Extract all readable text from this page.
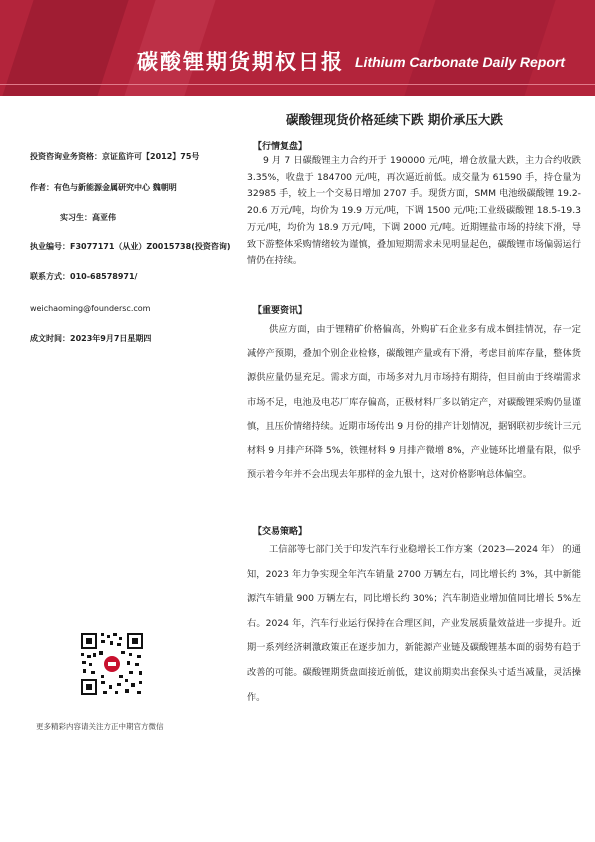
碳酸锂期货期权日报 Lithium Carbonate Daily Report
碳酸锂现货价格延续下跌 期价承压大跌
投资咨询业务资格：京证监许可【2012】75号
作者：有色与新能源金属研究中心 魏朝明
实习生：高亚伟
执业编号：F3077171（从业）Z0015738(投资咨询)
联系方式：010-68578971/
weichaoming@foundersc.com
成文时间：2023年9月7日星期四
更多精彩内容请关注方正中期官方微信
【行情复盘】
9 月 7 日碳酸锂主力合约开于 190000 元/吨，增仓放量大跌，主力合约收跌 3.35%，收盘于 184700 元/吨，再次逼近前低。成交量为 61590 手，持仓量为 32985 手，较上一个交易日增加 2707 手。现货方面，SMM 电池级碳酸锂 19.2-20.6 万元/吨，均价为 19.9 万元/吨，下调 1500 元/吨;工业级碳酸锂 18.5-19.3 万元/吨，均价为 18.9 万元/吨，下调 2000 元/吨。近期锂盐市场的持续下滑，导致下游整体采购情绪较为谨慎，叠加短期需求未见明显起色，碳酸锂市场偏弱运行情仍在持续。
【重要资讯】
供应方面，由于锂精矿价格偏高，外购矿石企业多有成本倒挂情况，存一定减停产预期，叠加个别企业检修，碳酸锂产量或有下滑，考虑目前库存量，整体货源供应量仍显充足。需求方面，市场多对九月市场持有期待，但目前由于终端需求市场不足，电池及电芯厂库存偏高，正极材料厂多以销定产，对碳酸锂采购仍显谨慎，且压价情绪持续。近期市场传出 9 月份的排产计划情况，据钢联初步统计三元材料 9 月排产环降 5%，铁锂材料 9 月排产微增 8%，产业链环比增量有限，似乎预示着今年并不会出现去年那样的金九银十，这对价格影响总体偏空。
【交易策略】
工信部等七部门关于印发汽车行业稳增长工作方案（2023—2024 年） 的通知，2023 年力争实现全年汽车销量 2700 万辆左右，同比增长约 3%，其中新能源汽车销量 900 万辆左右，同比增长约 30%；汽车制造业增加值同比增长 5%左右。2024 年，汽车行业运行保持在合理区间，产业发展质量效益进一步提升。近期一系列经济刺激政策正在逐步加力，新能源产业链及碳酸锂基本面的弱势有趋于改善的可能。碳酸锂期货盘面接近前低，建议前期卖出套保头寸适当减量，灵活操作。
